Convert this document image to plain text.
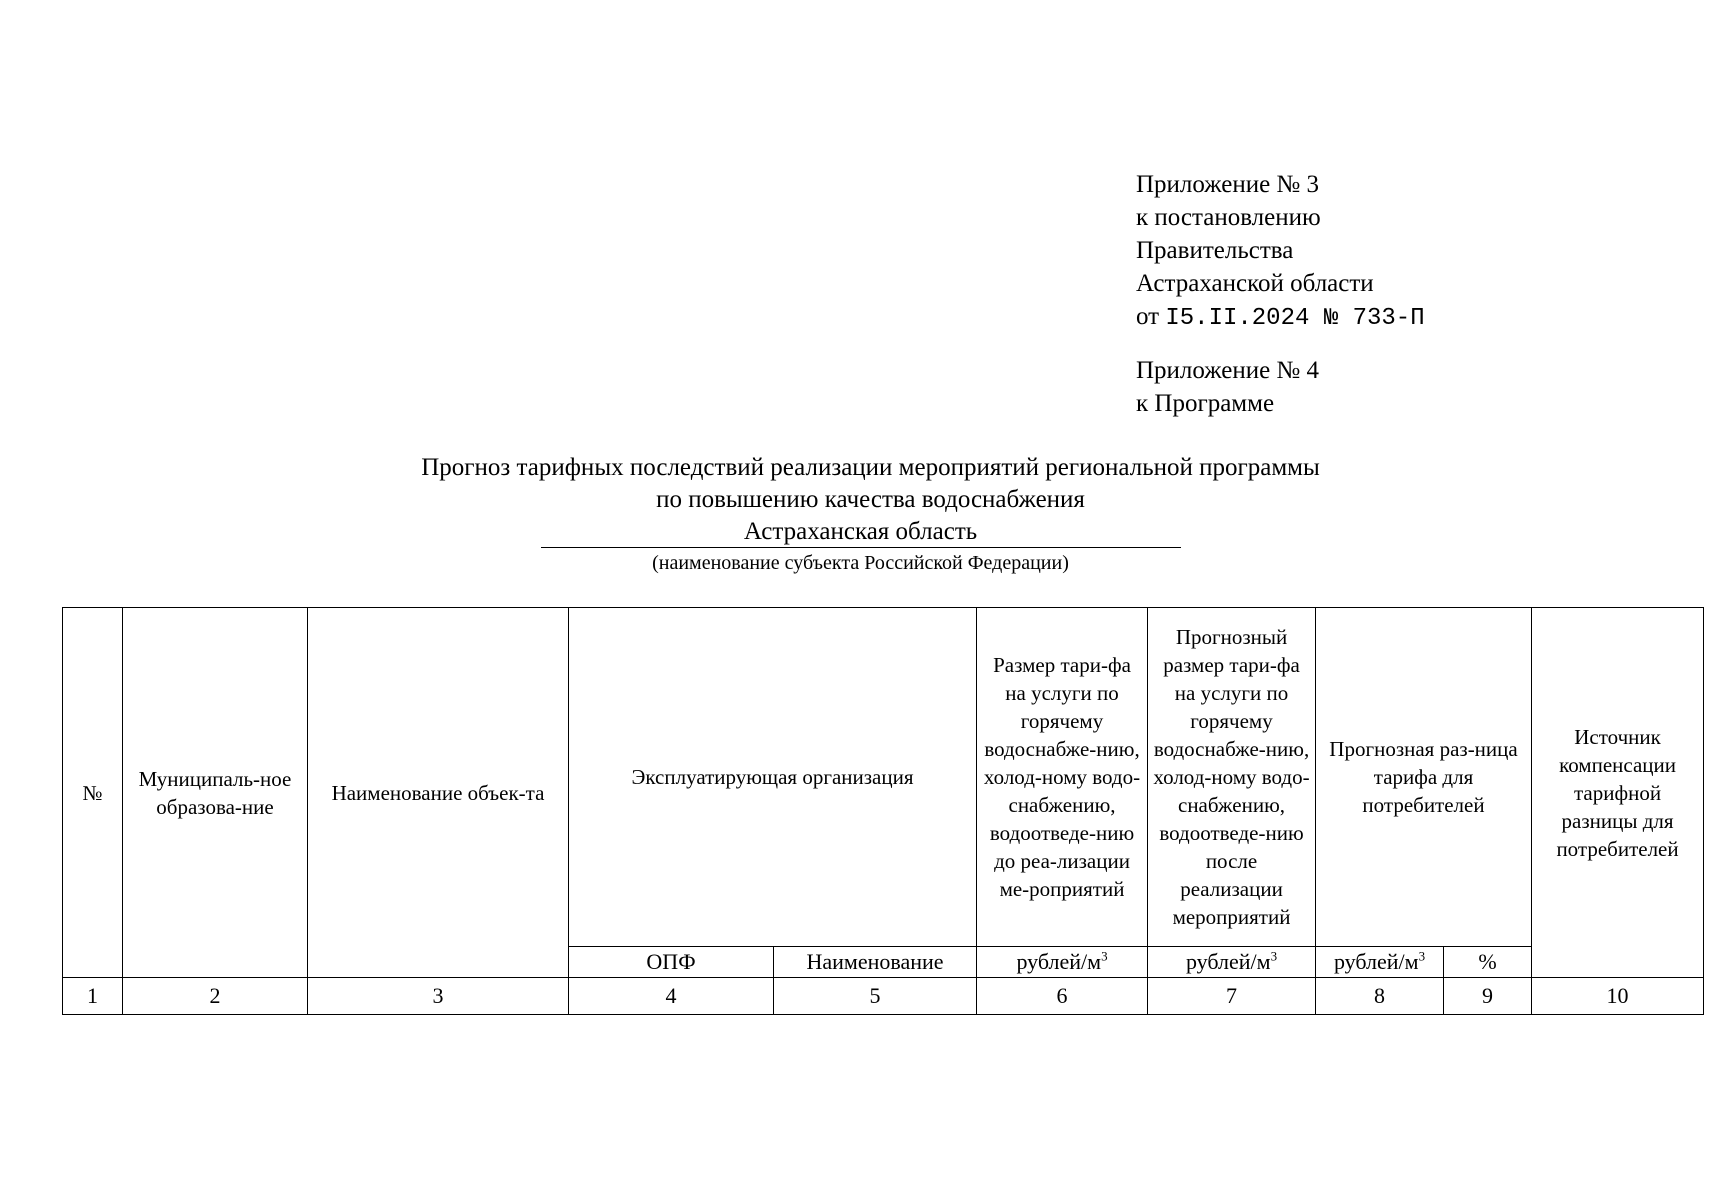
Приложение № 3
к постановлению
Правительства
Астраханской области
от I5.II.2024 № 733-П
Приложение № 4
к Программе
Прогноз тарифных последствий реализации мероприятий региональной программы
по повышению качества водоснабжения
Астраханская область
(наименование субъекта Российской Федерации)
№	Муниципаль-ное образова-ние	Наименование объек-та	Эксплуатирующая организация		Размер тари-фа на услуги по горячему водоснабже-нию, холод-ному водо-снабжению, водоотведе-нию до реа-лизации ме-роприятий	Прогнозный размер тари-фа на услуги по горячему водоснабже-нию, холод-ному водо-снабжению, водоотведе-нию после реализации мероприятий	Прогнозная раз-ница тарифа для потребителей		Источник компенсации тарифной разницы для потребителей
			ОПФ	Наименование	рублей/$м^3$	рублей/$м^3$	рублей/$м^3$	%	
1	2	3	4	5	6	7	8	9	10
